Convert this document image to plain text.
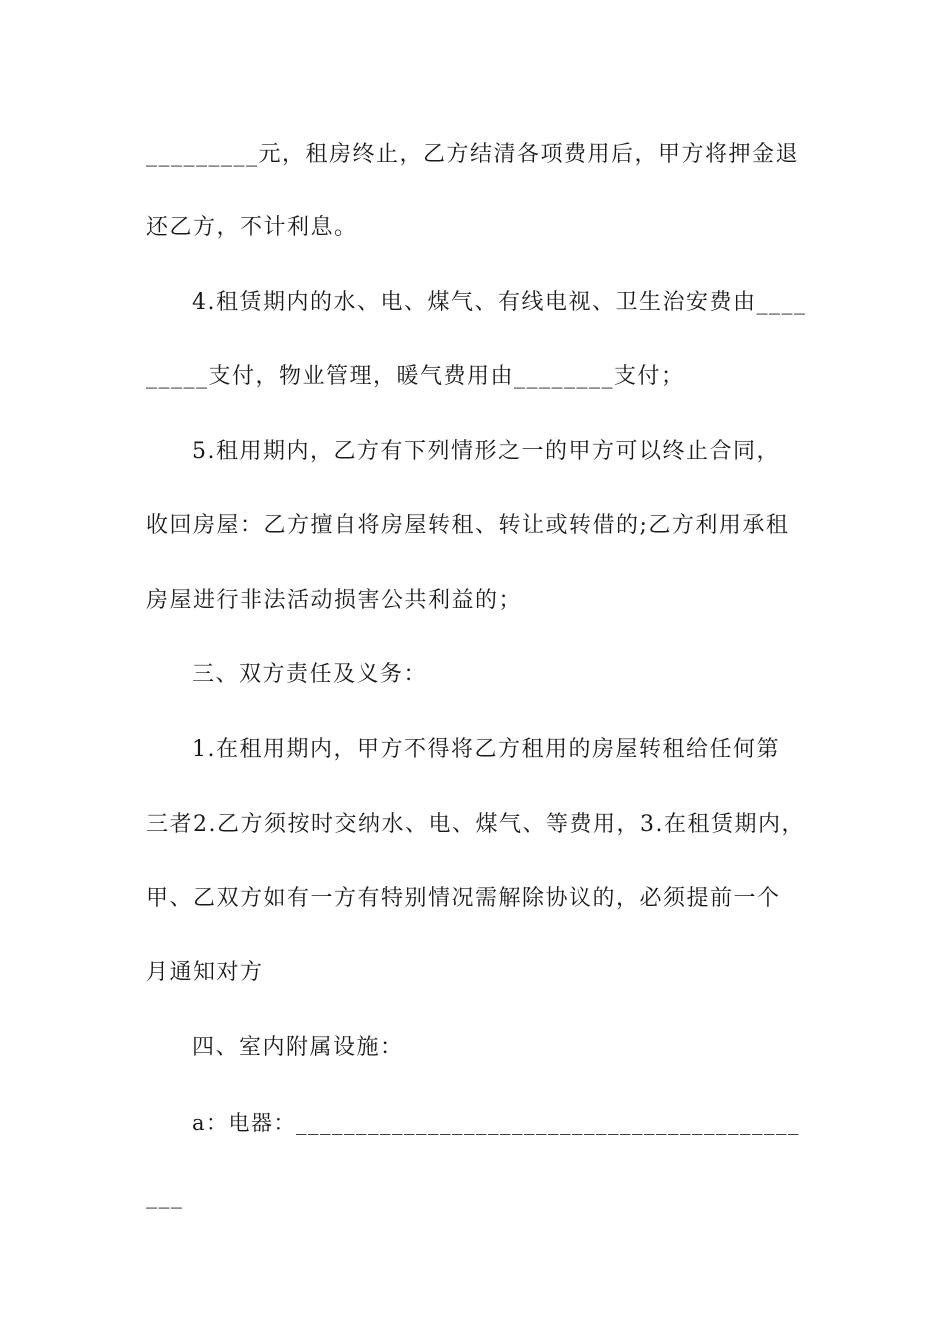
_________元，租房终止，乙方结清各项费用后，甲方将押金退
还乙方，不计利息。
4.租赁期内的水、电、煤气、有线电视、卫生治安费由____
_____支付，物业管理，暖气费用由________支付；
5.租用期内，乙方有下列情形之一的甲方可以终止合同，
收回房屋：乙方擅自将房屋转租、转让或转借的;乙方利用承租
房屋进行非法活动损害公共利益的；
三、双方责任及义务：
1.在租用期内，甲方不得将乙方租用的房屋转租给任何第
三者2.乙方须按时交纳水、电、煤气、等费用，3.在租赁期内，
甲、乙双方如有一方有特别情况需解除协议的，必须提前一个
月通知对方
四、室内附属设施：
a：电器：__________________________________________
___
